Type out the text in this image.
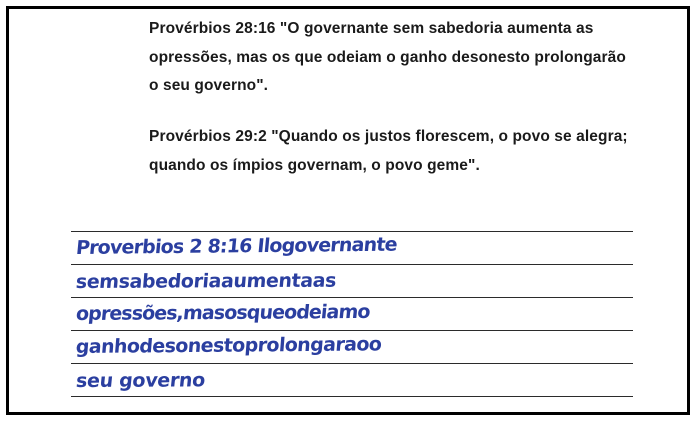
Provérbios 28:16 "O governante sem sabedoria aumenta as opressões, mas os que odeiam o ganho desonesto prolongarão o seu governo".

Provérbios 29:2 "Quando os justos florescem, o povo se alegra; quando os ímpios governam, o povo geme".

Proverbios 2 8:16 Ilogovernante
semsabedoriaaumentaas
opressões,masosqueodeiamo
ganhodesonestoprolongaraoo
seu governo
